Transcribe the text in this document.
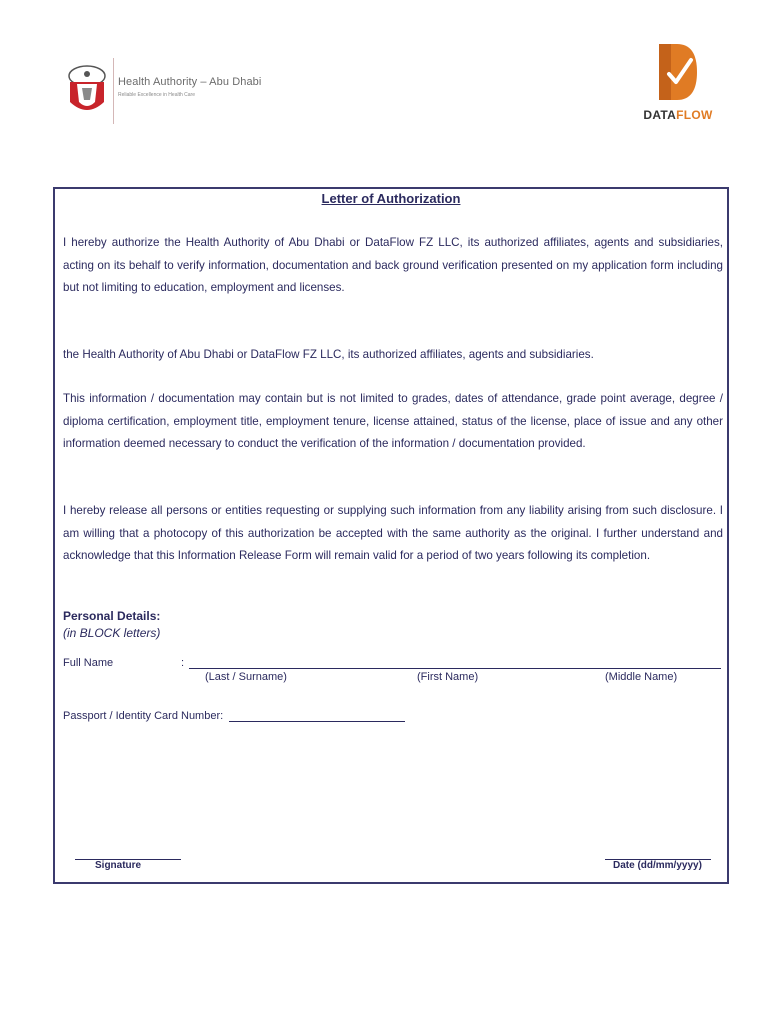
Health Authority – Abu Dhabi
Reliable Excellence in Health Care
DATAFLOW
Letter of Authorization

I hereby authorize the Health Authority of Abu Dhabi or DataFlow FZ LLC, its authorized affiliates, agents and subsidiaries, acting on its behalf to verify information, documentation and back ground verification presented on my application form including but not limiting to education, employment and licenses.

the Health Authority of Abu Dhabi or DataFlow FZ LLC, its authorized affiliates, agents and subsidiaries.

This information / documentation may contain but is not limited to grades, dates of attendance, grade point average, degree / diploma certification, employment title, employment tenure, license attained, status of the license, place of issue and any other information deemed necessary to conduct the verification of the information / documentation provided.

I hereby release all persons or entities requesting or supplying such information from any liability arising from such disclosure. I am willing that a photocopy of this authorization be accepted with the same authority as the original. I further understand and acknowledge that this Information Release Form will remain valid for a period of two years following its completion.

Personal Details:
(in BLOCK letters)
Full Name	:
(Last / Surname)	(First Name)	(Middle Name)
Passport / Identity Card Number:
Signature	Date (dd/mm/yyyy)
